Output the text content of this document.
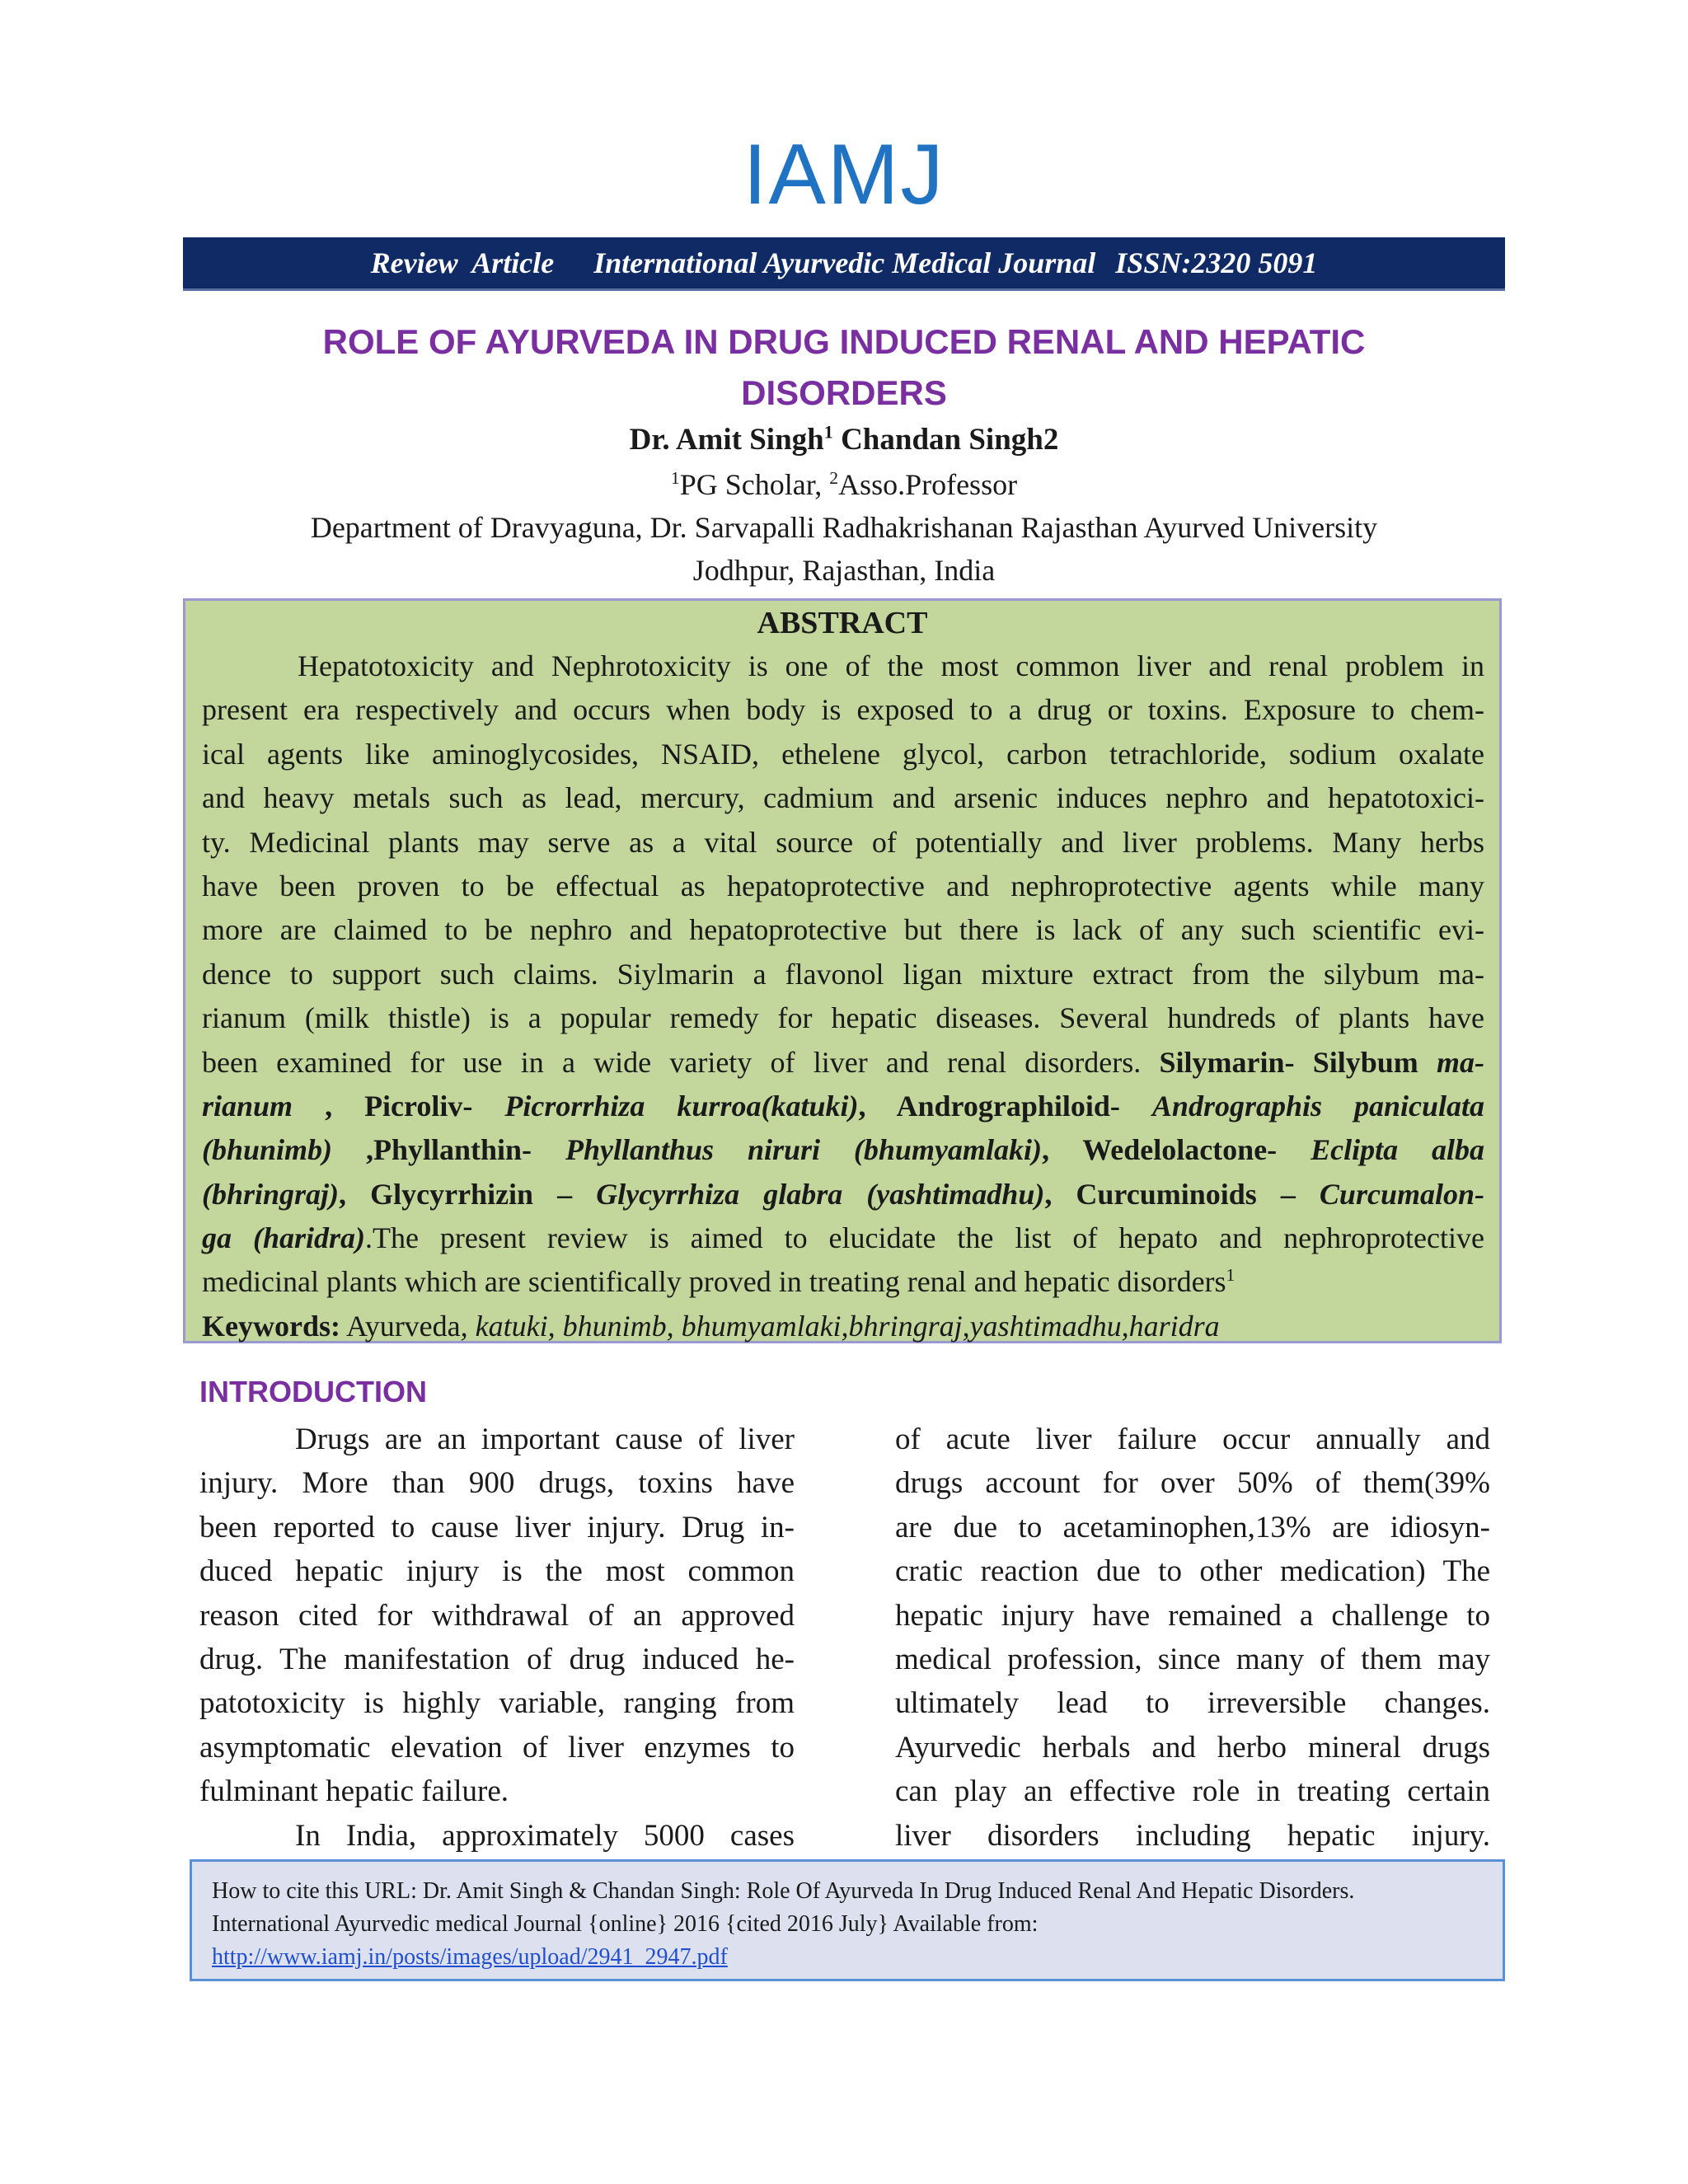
IAMJ
Review  Article International Ayurvedic Medical Journal ISSN:2320 5091
ROLE OF AYURVEDA IN DRUG INDUCED RENAL AND HEPATIC
DISORDERS
Dr. Amit Singh$^1$ Chandan Singh2
$^1$PG Scholar, $^2$Asso.Professor
Department of Dravyaguna, Dr. Sarvapalli Radhakrishanan Rajasthan Ayurved University
Jodhpur, Rajasthan, India
ABSTRACT
Hepatotoxicity and Nephrotoxicity is one of the most common liver and renal problem in
present era respectively and occurs when body is exposed to a drug or toxins. Exposure to chem-
ical agents like aminoglycosides, NSAID, ethelene glycol, carbon tetrachloride, sodium oxalate
and heavy metals such as lead, mercury, cadmium and arsenic induces nephro and hepatotoxici-
ty. Medicinal plants may serve as a vital source of potentially and liver problems. Many herbs
have been proven to be effectual as hepatoprotective and nephroprotective agents while many
more are claimed to be nephro and hepatoprotective but there is lack of any such scientific evi-
dence to support such claims. Siylmarin a flavonol ligan mixture extract from the silybum ma-
rianum (milk thistle) is a popular remedy for hepatic diseases. Several hundreds of plants have
been examined for use in a wide variety of liver and renal disorders. Silymarin- Silybum ma-
rianum , Picroliv- Picrorrhiza kurroa(katuki), Andrographiloid- Andrographis paniculata
(bhunimb) ,Phyllanthin- Phyllanthus niruri (bhumyamlaki), Wedelolactone- Eclipta alba
(bhringraj), Glycyrrhizin – Glycyrrhiza glabra (yashtimadhu), Curcuminoids – Curcumalon-
ga (haridra).The present review is aimed to elucidate the list of hepato and nephroprotective
medicinal plants which are scientifically proved in treating renal and hepatic disorders$^1$
Keywords: Ayurveda, katuki, bhunimb, bhumyamlaki,bhringraj,yashtimadhu,haridra
INTRODUCTION
Drugs are an important cause of liver
injury. More than 900 drugs, toxins have
been reported to cause liver injury. Drug in-
duced hepatic injury is the most common
reason cited for withdrawal of an approved
drug. The manifestation of drug induced he-
patotoxicity is highly variable, ranging from
asymptomatic elevation of liver enzymes to
fulminant hepatic failure.
In India, approximately 5000 cases
of acute liver failure occur annually and
drugs account for over 50% of them(39%
are due to acetaminophen,13% are idiosyn-
cratic reaction due to other medication) The
hepatic injury have remained a challenge to
medical profession, since many of them may
ultimately lead to irreversible changes.
Ayurvedic herbals and herbo mineral drugs
can play an effective role in treating certain
liver disorders including hepatic injury.
How to cite this URL: Dr. Amit Singh & Chandan Singh: Role Of Ayurveda In Drug Induced Renal And Hepatic Disorders.
International Ayurvedic medical Journal {online} 2016 {cited 2016 July} Available from:
http://www.iamj.in/posts/images/upload/2941_2947.pdf
